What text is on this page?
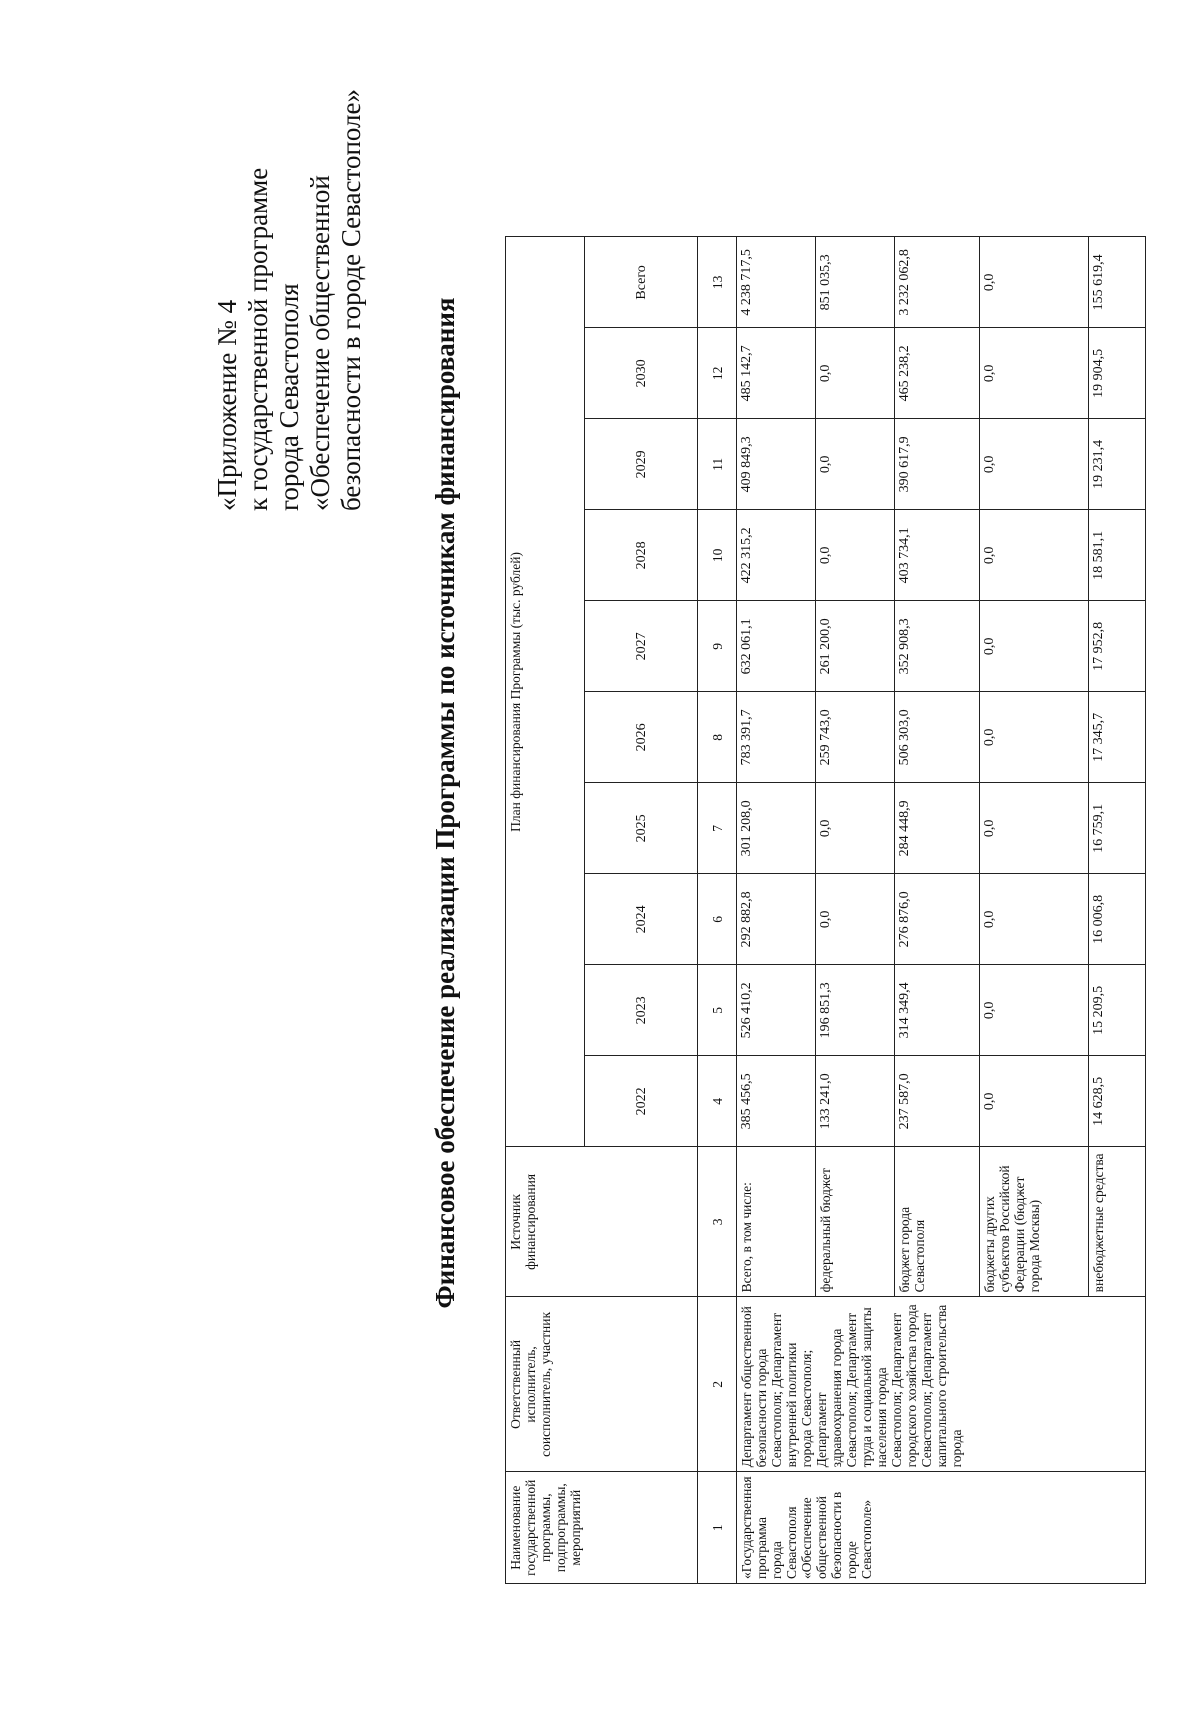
«Приложение № 4 к государственной программе города Севастополя «Обеспечение общественной безопасности в городе Севастополе» Финансовое обеспечение реализации Программы по источникам финансирования
Наименование государственной программы, подпрограммы, мероприятий	Ответственный исполнитель, соисполнитель, участник	Источник финансирования	План финансирования Программы (тыс. рублей)									
			2022	2023	2024	2025	2026	2027	2028	2029	2030	Всего
1	2	3	4	5	6	7	8	9	10	11	12	13
«Государственная программа города Севастополя «Обеспечение общественной безопасности в городе Севастополе»	Департамент общественной безопасности города Севастополя; Департамент внутренней политики города Севастополя; Департамент здравоохранения города Севастополя; Департамент труда и социальной защиты населения города Севастополя; Департамент городского хозяйства города Севастополя; Департамент капитального строительства города	Всего, в том числе:	385 456,5	526 410,2	292 882,8	301 208,0	783 391,7	632 061,1	422 315,2	409 849,3	485 142,7	4 238 717,5
		федеральный бюджет	133 241,0	196 851,3	0,0	0,0	259 743,0	261 200,0	0,0	0,0	0,0	851 035,3
		бюджет города Севастополя	237 587,0	314 349,4	276 876,0	284 448,9	506 303,0	352 908,3	403 734,1	390 617,9	465 238,2	3 232 062,8
		бюджеты других субъектов Российской Федерации (бюджет города Москвы)	0,0	0,0	0,0	0,0	0,0	0,0	0,0	0,0	0,0	0,0
		внебюджетные средства	14 628,5	15 209,5	16 006,8	16 759,1	17 345,7	17 952,8	18 581,1	19 231,4	19 904,5	155 619,4
